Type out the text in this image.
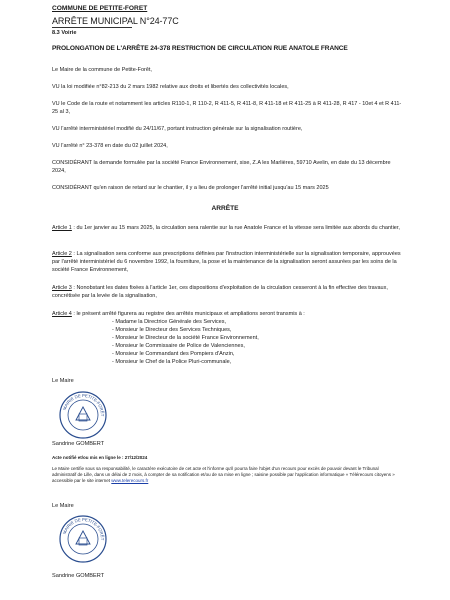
COMMUNE DE PETITE-FORET
ARRÊTE MUNICIPAL N°24-77C
8.3 Voirie
PROLONGATION DE L'ARRÊTE 24-378 RESTRICTION DE CIRCULATION RUE ANATOLE FRANCE
Le Maire de la commune de Petite-Forêt,
VU la loi modifiée n°82-213 du 2 mars 1982 relative aux droits et libertés des collectivités locales,
VU le Code de la route et notamment les articles R110-1, R 110-2, R 411-5, R 411-8, R 411-18 et R 411-25 à R 411-28, R 417 - 10et 4 et R 411- 25 al 3,
VU l'arrêté interministériel modifié du 24/11/67, portant instruction générale sur la signalisation routière,
VU l'arrêté n° 23-378 en date du 02 juillet 2024,
CONSIDÉRANT la demande formulée par la société France Environnement, sise, Z.A les Marlières, 59710 Avelin, en date du 13 décembre 2024,
CONSIDÉRANT qu'en raison de retard sur le chantier, il y a lieu de prolonger l'arrêté initial jusqu'au 15 mars 2025
ARRÊTE
Article 1 : du 1er janvier au 15 mars 2025, la circulation sera ralentie sur la rue Anatole France et la vitesse sera limitée aux abords du chantier,
Article 2 : La signalisation sera conforme aux prescriptions définies par l'instruction interministérielle sur la signalisation temporaire, approuvées par l'arrêté interministériel du 6 novembre 1992, la fourniture, la pose et la maintenance de la signalisation seront assurées par les soins de la société France Environnement,
Article 3 : Nonobstant les dates fixées à l'article 1er, ces dispositions d'exploitation de la circulation cesseront à la fin effective des travaux, concrétisée par la levée de la signalisation,
Article 4 : le présent arrêté figurera au registre des arrêtés municipaux et ampliations seront transmis à :
- Madame la Directrice Générale des Services,
- Monsieur le Directeur des Services Techniques,
- Monsieur le Directeur de la société France Environnement,
- Monsieur le Commissaire de Police de Valenciennes,
- Monsieur le Commandant des Pompiers d'Anzin,
- Monsieur le Chef de la Police Pluri-communale,
Le Maire
MAIRIE DE PETITE-FORÊT
Sandrine GOMBERT
Acte notifié et/ou mis en ligne le : 27/12/2024
Le Maire certifie sous sa responsabilité, le caractère exécutoire de cet acte et l'informe qu'il pourra faire l'objet d'un recours pour excès de pouvoir devant le Tribunal administratif de Lille, dans un délai de 2 mois, à compter de sa notification et/ou de sa mise en ligne ; saisine possible par l'application informatique « Télérecours citoyens » accessible par le site internet www.telerecours.fr
Le Maire
MAIRIE DE PETITE-FORÊT
Sandrine GOMBERT
